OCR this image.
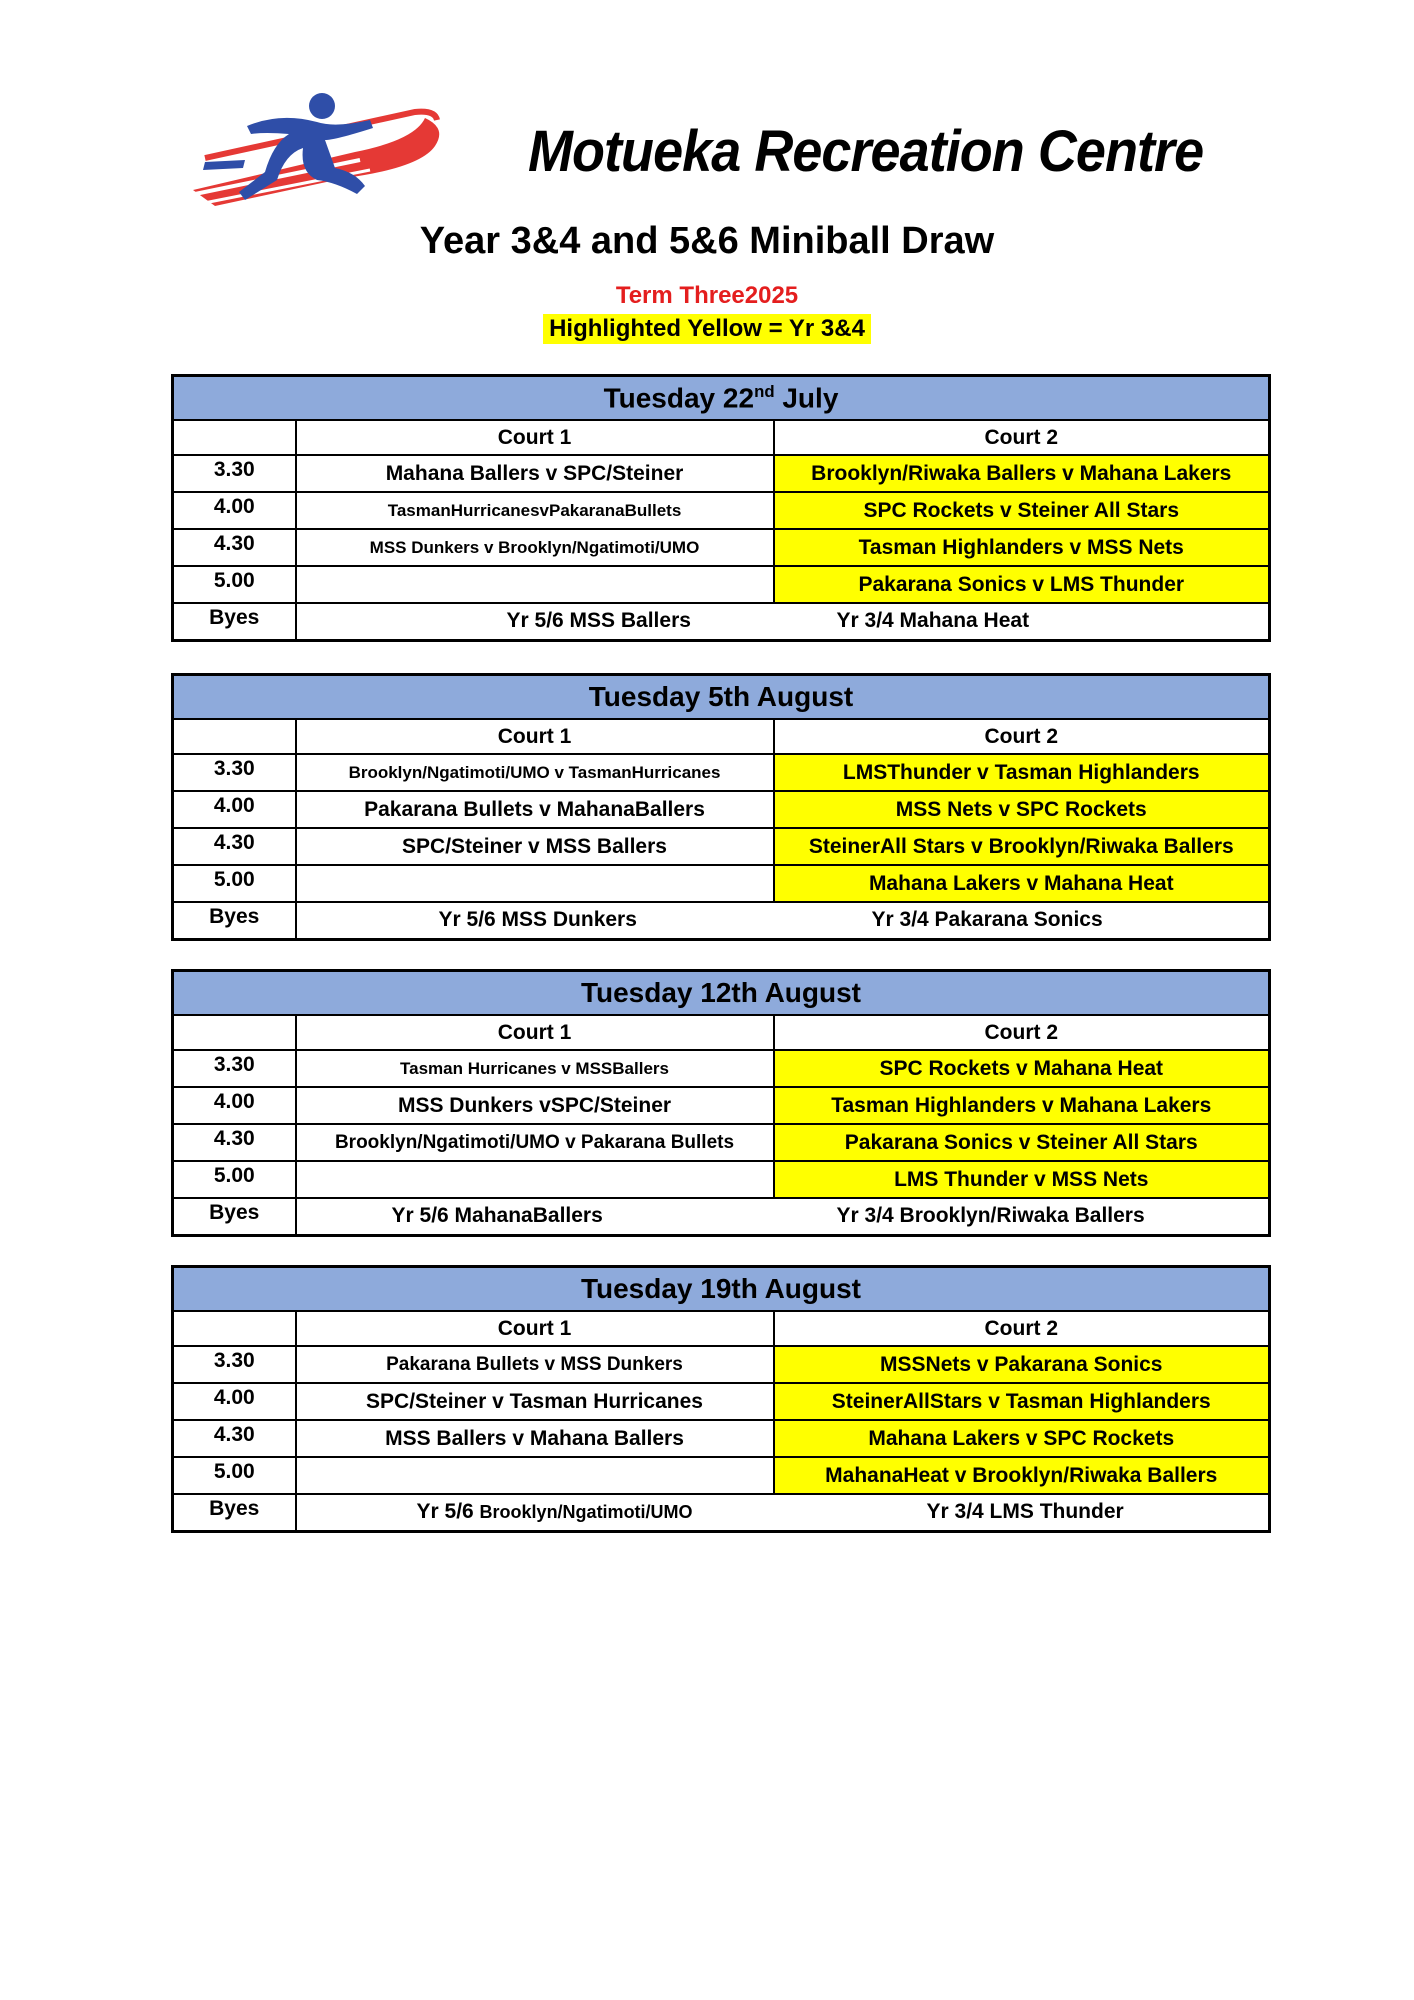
Motueka Recreation Centre
Year 3&4 and 5&6 Miniball Draw
Term Three2025
Highlighted Yellow = Yr 3&4
Tuesday 22nd July		
	Court 1	Court 2
3.30	Mahana Ballers v SPC/Steiner	Brooklyn/Riwaka Ballers v Mahana Lakers
4.00	TasmanHurricanesvPakaranaBullets	SPC Rockets v Steiner All Stars
4.30	MSS Dunkers v Brooklyn/Ngatimoti/UMO	Tasman Highlanders v MSS Nets
5.00		Pakarana Sonics v LMS Thunder
Byes	Yr 5/6 MSS Ballers Yr 3/4 Mahana Heat	
Tuesday 5th August		
	Court 1	Court 2
3.30	Brooklyn/Ngatimoti/UMO v TasmanHurricanes	LMSThunder v Tasman Highlanders
4.00	Pakarana Bullets v MahanaBallers	MSS Nets v SPC Rockets
4.30	SPC/Steiner v MSS Ballers	SteinerAll Stars v Brooklyn/Riwaka Ballers
5.00		Mahana Lakers v Mahana Heat
Byes	Yr 5/6 MSS Dunkers Yr 3/4 Pakarana Sonics	
Tuesday 12th August		
	Court 1	Court 2
3.30	Tasman Hurricanes v MSSBallers	SPC Rockets v Mahana Heat
4.00	MSS Dunkers vSPC/Steiner	Tasman Highlanders v Mahana Lakers
4.30	Brooklyn/Ngatimoti/UMO v Pakarana Bullets	Pakarana Sonics v Steiner All Stars
5.00		LMS Thunder v MSS Nets
Byes	Yr 5/6 MahanaBallers Yr 3/4 Brooklyn/Riwaka Ballers	
Tuesday 19th August		
	Court 1	Court 2
3.30	Pakarana Bullets v MSS Dunkers	MSSNets v Pakarana Sonics
4.00	SPC/Steiner v Tasman Hurricanes	SteinerAllStars v Tasman Highlanders
4.30	MSS Ballers v Mahana Ballers	Mahana Lakers v SPC Rockets
5.00		MahanaHeat v Brooklyn/Riwaka Ballers
Byes	Yr 5/6 Brooklyn/Ngatimoti/UMO Yr 3/4 LMS Thunder	
